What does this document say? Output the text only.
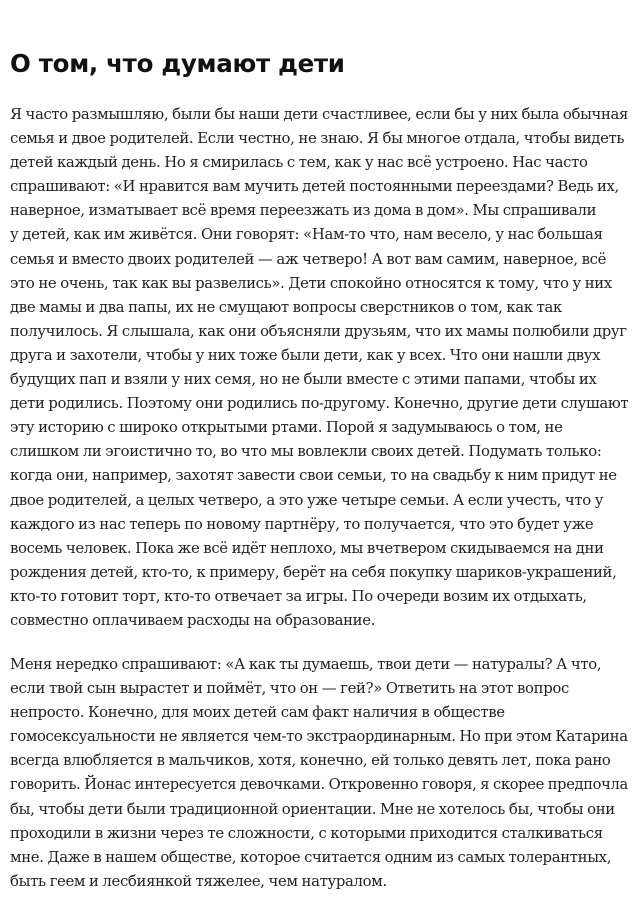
О том, что думают дети

Я часто размышляю, были бы наши дети счастливее, если бы у них была обычная
семья и двое родителей. Если честно, не знаю. Я бы многое отдала, чтобы видеть
детей каждый день. Но я смирилась с тем, как у нас всё устроено. Нас часто
спрашивают: «И нравится вам мучить детей постоянными переездами? Ведь их,
наверное, изматывает всё время переезжать из дома в дом». Мы спрашивали
у детей, как им живётся. Они говорят: «Нам-то что, нам весело, у нас большая
семья и вместо двоих родителей — аж четверо! А вот вам самим, наверное, всё
это не очень, так как вы развелись». Дети спокойно относятся к тому, что у них
две мамы и два папы, их не смущают вопросы сверстников о том, как так
получилось. Я слышала, как они объясняли друзьям, что их мамы полюбили друг
друга и захотели, чтобы у них тоже были дети, как у всех. Что они нашли двух
будущих пап и взяли у них семя, но не были вместе с этими папами, чтобы их
дети родились. Поэтому они родились по-другому. Конечно, другие дети слушают
эту историю с широко открытыми ртами. Порой я задумываюсь о том, не
слишком ли эгоистично то, во что мы вовлекли своих детей. Подумать только:
когда они, например, захотят завести свои семьи, то на свадьбу к ним придут не
двое родителей, а целых четверо, а это уже четыре семьи. А если учесть, что у
каждого из нас теперь по новому партнёру, то получается, что это будет уже
восемь человек. Пока же всё идёт неплохо, мы вчетвером скидываемся на дни
рождения детей, кто-то, к примеру, берёт на себя покупку шариков-украшений,
кто-то готовит торт, кто-то отвечает за игры. По очереди возим их отдыхать,
совместно оплачиваем расходы на образование.

Меня нередко спрашивают: «А как ты думаешь, твои дети — натуралы? А что,
если твой сын вырастет и поймёт, что он — гей?» Ответить на этот вопрос
непросто. Конечно, для моих детей сам факт наличия в обществе
гомосексуальности не является чем-то экстраординарным. Но при этом Катарина
всегда влюбляется в мальчиков, хотя, конечно, ей только девять лет, пока рано
говорить. Йонас интересуется девочками. Откровенно говоря, я скорее предпочла
бы, чтобы дети были традиционной ориентации. Мне не хотелось бы, чтобы они
проходили в жизни через те сложности, с которыми приходится сталкиваться
мне. Даже в нашем обществе, которое считается одним из самых толерантных,
быть геем и лесбиянкой тяжелее, чем натуралом.
